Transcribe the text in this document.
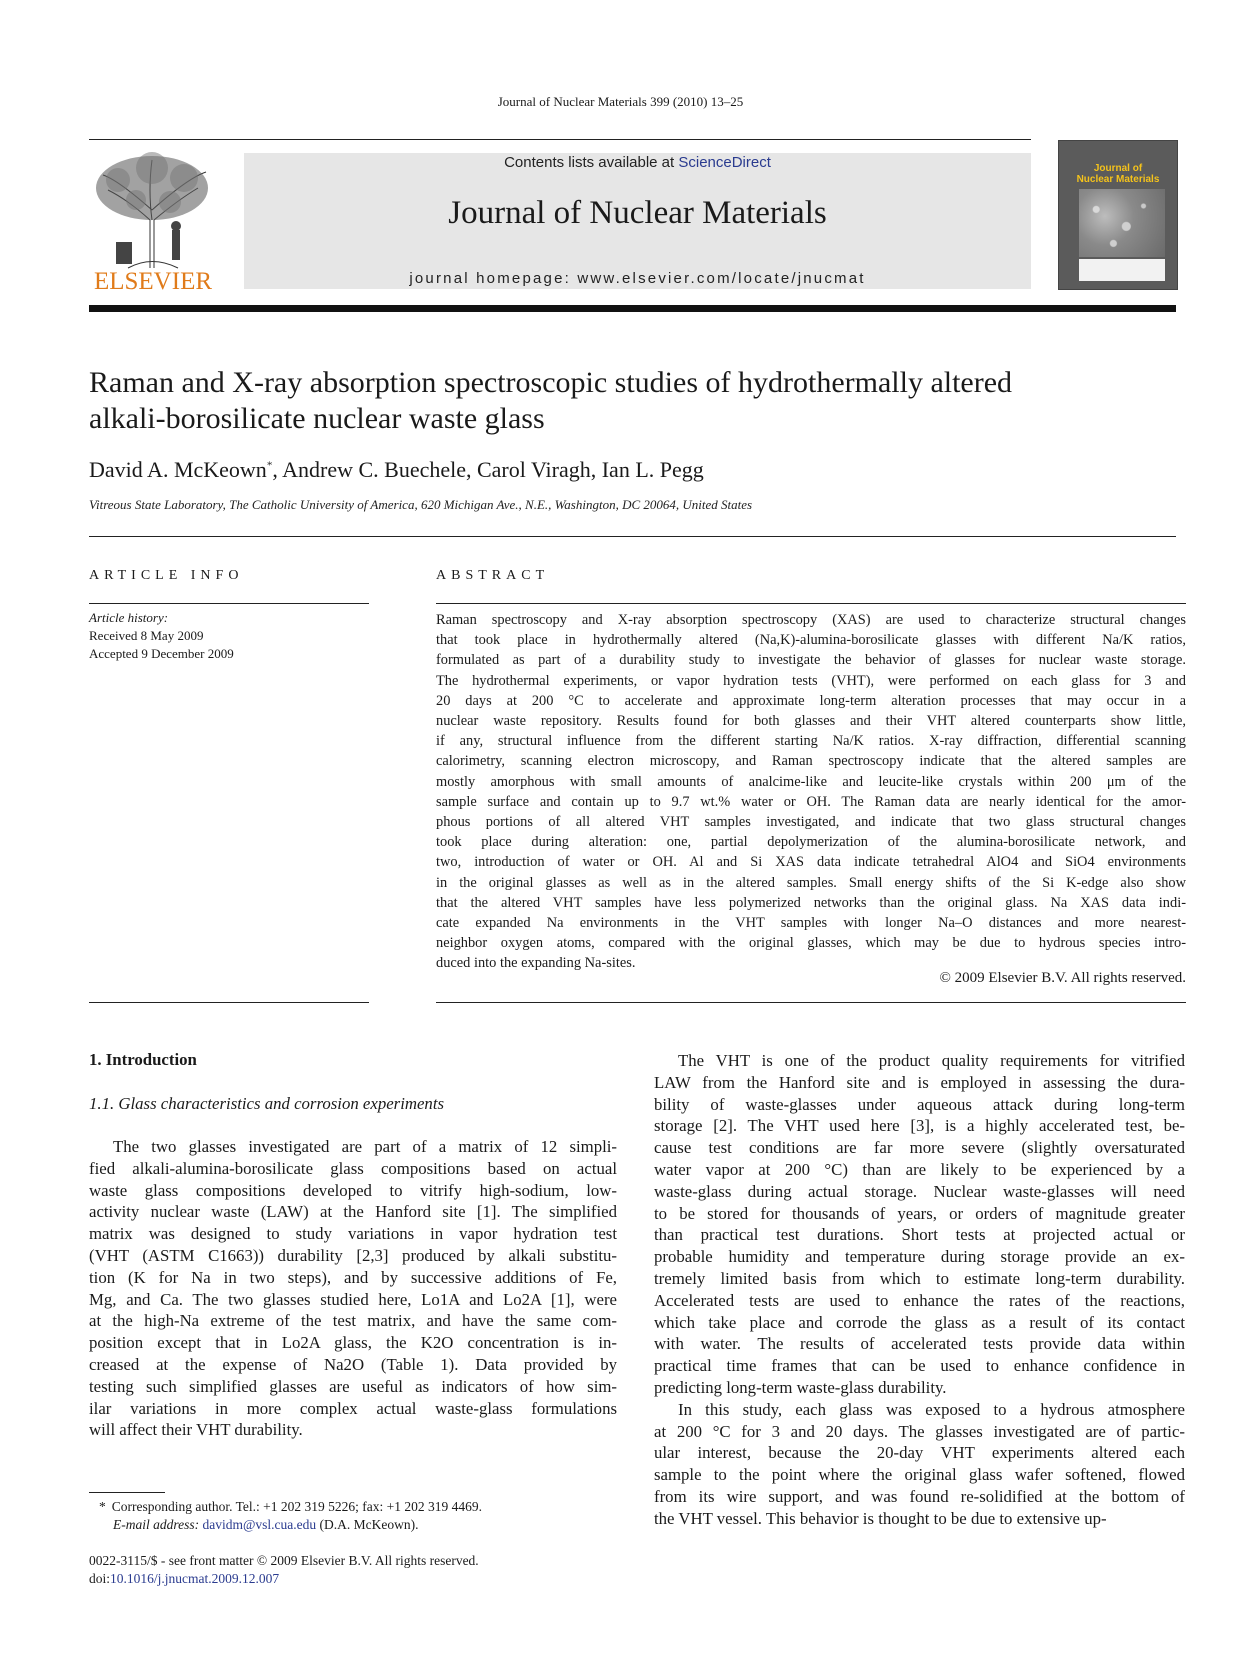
Journal of Nuclear Materials 399 (2010) 13–25
ELSEVIER
Contents lists available at ScienceDirect
Journal of Nuclear Materials
journal homepage: www.elsevier.com/locate/jnucmat
Journal of
Nuclear Materials
Raman and X-ray absorption spectroscopic studies of hydrothermally altered
alkali-borosilicate nuclear waste glass
David A. McKeown*, Andrew C. Buechele, Carol Viragh, Ian L. Pegg
Vitreous State Laboratory, The Catholic University of America, 620 Michigan Ave., N.E., Washington, DC 20064, United States
ARTICLE INFO
Article history:
Received 8 May 2009
Accepted 9 December 2009
ABSTRACT
Raman spectroscopy and X-ray absorption spectroscopy (XAS) are used to characterize structural changes
that took place in hydrothermally altered (Na,K)-alumina-borosilicate glasses with different Na/K ratios,
formulated as part of a durability study to investigate the behavior of glasses for nuclear waste storage.
The hydrothermal experiments, or vapor hydration tests (VHT), were performed on each glass for 3 and
20 days at 200 °C to accelerate and approximate long-term alteration processes that may occur in a
nuclear waste repository. Results found for both glasses and their VHT altered counterparts show little,
if any, structural influence from the different starting Na/K ratios. X-ray diffraction, differential scanning
calorimetry, scanning electron microscopy, and Raman spectroscopy indicate that the altered samples are
mostly amorphous with small amounts of analcime-like and leucite-like crystals within 200 μm of the
sample surface and contain up to 9.7 wt.% water or OH. The Raman data are nearly identical for the amor-
phous portions of all altered VHT samples investigated, and indicate that two glass structural changes
took place during alteration: one, partial depolymerization of the alumina-borosilicate network, and
two, introduction of water or OH. Al and Si XAS data indicate tetrahedral AlO4 and SiO4 environments
in the original glasses as well as in the altered samples. Small energy shifts of the Si K-edge also show
that the altered VHT samples have less polymerized networks than the original glass. Na XAS data indi-
cate expanded Na environments in the VHT samples with longer Na–O distances and more nearest-
neighbor oxygen atoms, compared with the original glasses, which may be due to hydrous species intro-
duced into the expanding Na-sites.
© 2009 Elsevier B.V. All rights reserved.
1. Introduction
1.1. Glass characteristics and corrosion experiments
The two glasses investigated are part of a matrix of 12 simpli-
fied alkali-alumina-borosilicate glass compositions based on actual
waste glass compositions developed to vitrify high-sodium, low-
activity nuclear waste (LAW) at the Hanford site [1]. The simplified
matrix was designed to study variations in vapor hydration test
(VHT (ASTM C1663)) durability [2,3] produced by alkali substitu-
tion (K for Na in two steps), and by successive additions of Fe,
Mg, and Ca. The two glasses studied here, Lo1A and Lo2A [1], were
at the high-Na extreme of the test matrix, and have the same com-
position except that in Lo2A glass, the K2O concentration is in-
creased at the expense of Na2O (Table 1). Data provided by
testing such simplified glasses are useful as indicators of how sim-
ilar variations in more complex actual waste-glass formulations
will affect their VHT durability.
The VHT is one of the product quality requirements for vitrified
LAW from the Hanford site and is employed in assessing the dura-
bility of waste-glasses under aqueous attack during long-term
storage [2]. The VHT used here [3], is a highly accelerated test, be-
cause test conditions are far more severe (slightly oversaturated
water vapor at 200 °C) than are likely to be experienced by a
waste-glass during actual storage. Nuclear waste-glasses will need
to be stored for thousands of years, or orders of magnitude greater
than practical test durations. Short tests at projected actual or
probable humidity and temperature during storage provide an ex-
tremely limited basis from which to estimate long-term durability.
Accelerated tests are used to enhance the rates of the reactions,
which take place and corrode the glass as a result of its contact
with water. The results of accelerated tests provide data within
practical time frames that can be used to enhance confidence in
predicting long-term waste-glass durability.
In this study, each glass was exposed to a hydrous atmosphere
at 200 °C for 3 and 20 days. The glasses investigated are of partic-
ular interest, because the 20-day VHT experiments altered each
sample to the point where the original glass wafer softened, flowed
from its wire support, and was found re-solidified at the bottom of
the VHT vessel. This behavior is thought to be due to extensive up-
* Corresponding author. Tel.: +1 202 319 5226; fax: +1 202 319 4469.
E-mail address: davidm@vsl.cua.edu (D.A. McKeown).
0022-3115/$ - see front matter © 2009 Elsevier B.V. All rights reserved.
doi:10.1016/j.jnucmat.2009.12.007
